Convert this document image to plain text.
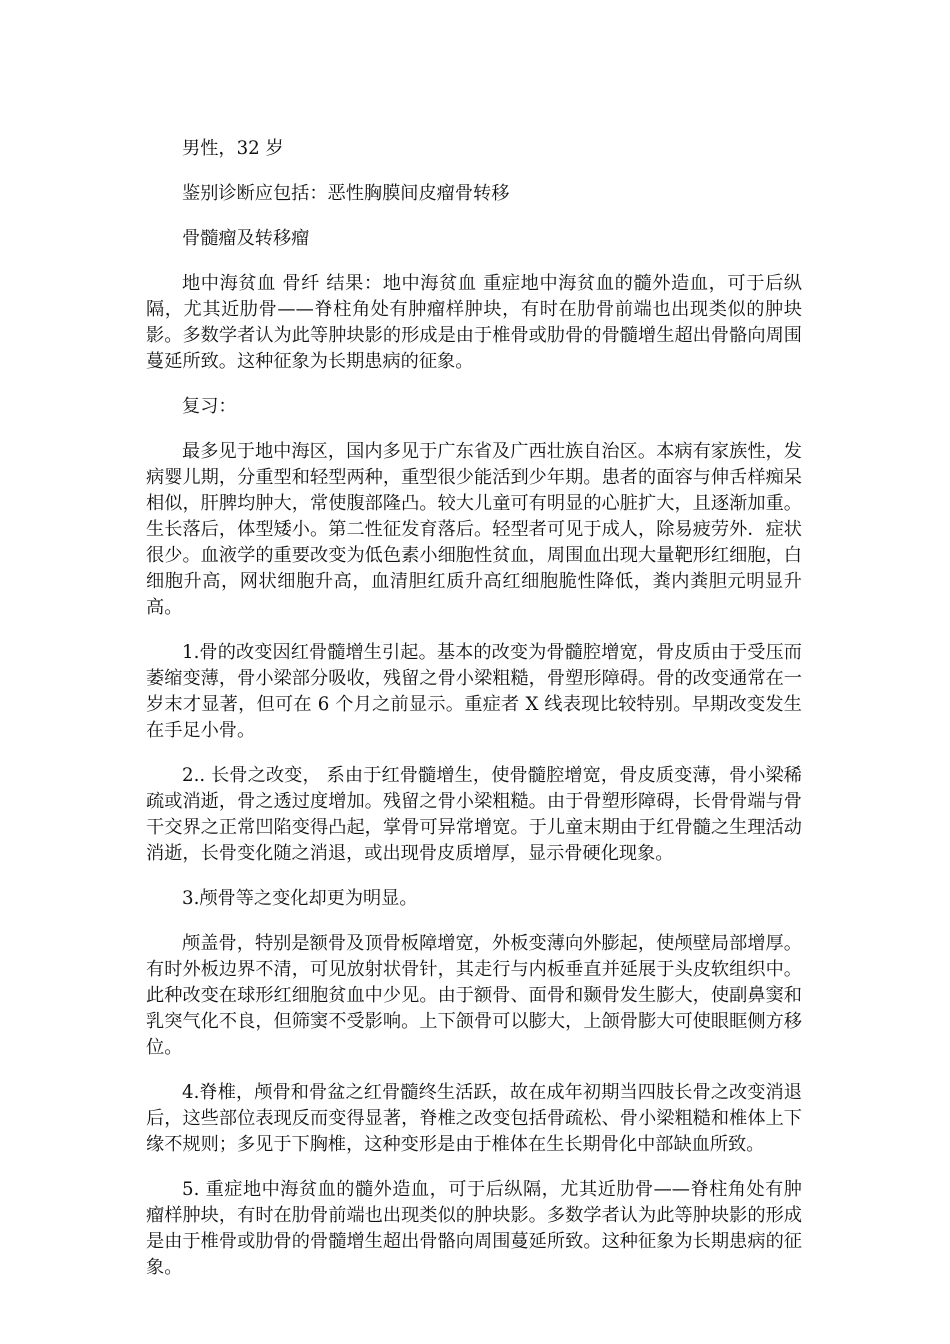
男性，32 岁

鉴别诊断应包括：恶性胸膜间皮瘤骨转移

骨髓瘤及转移瘤

地中海贫血 骨纤 结果：地中海贫血 重症地中海贫血的髓外造血，可于后纵隔，尤其近肋骨——脊柱角处有肿瘤样肿块，有时在肋骨前端也出现类似的肿块影。多数学者认为此等肿块影的形成是由于椎骨或肋骨的骨髓增生超出骨骼向周围蔓延所致。这种征象为长期患病的征象。

复习：

最多见于地中海区，国内多见于广东省及广西壮族自治区。本病有家族性，发病婴儿期，分重型和轻型两种，重型很少能活到少年期。患者的面容与伸舌样痴呆相似，肝脾均肿大，常使腹部隆凸。较大儿童可有明显的心脏扩大，且逐渐加重。生长落后，体型矮小。第二性征发育落后。轻型者可见于成人，除易疲劳外．症状很少。血液学的重要改变为低色素小细胞性贫血，周围血出现大量靶形红细胞，白细胞升高，网状细胞升高，血清胆红质升高红细胞脆性降低，粪内粪胆元明显升高。

1.骨的改变因红骨髓增生引起。基本的改变为骨髓腔增宽，骨皮质由于受压而萎缩变薄，骨小梁部分吸收，残留之骨小梁粗糙，骨塑形障碍。骨的改变通常在一岁末才显著，但可在 6 个月之前显示。重症者 X 线表现比较特别。早期改变发生在手足小骨。

2.. 长骨之改变， 系由于红骨髓增生，使骨髓腔增宽，骨皮质变薄，骨小梁稀疏或消逝，骨之透过度增加。残留之骨小梁粗糙。由于骨塑形障碍，长骨骨端与骨干交界之正常凹陷变得凸起，掌骨可异常增宽。于儿童末期由于红骨髓之生理活动消逝，长骨变化随之消退，或出现骨皮质增厚，显示骨硬化现象。

3.颅骨等之变化却更为明显。

颅盖骨，特别是额骨及顶骨板障增宽，外板变薄向外膨起，使颅壁局部增厚。有时外板边界不清，可见放射状骨针，其走行与内板垂直并延展于头皮软组织中。此种改变在球形红细胞贫血中少见。由于额骨、面骨和颞骨发生膨大，使副鼻窦和乳突气化不良，但筛窦不受影响。上下颌骨可以膨大，上颌骨膨大可使眼眶侧方移位。

4.脊椎，颅骨和骨盆之红骨髓终生活跃，故在成年初期当四肢长骨之改变消退后，这些部位表现反而变得显著，脊椎之改变包括骨疏松、骨小梁粗糙和椎体上下缘不规则；多见于下胸椎，这种变形是由于椎体在生长期骨化中部缺血所致。

5. 重症地中海贫血的髓外造血，可于后纵隔，尤其近肋骨——脊柱角处有肿瘤样肿块，有时在肋骨前端也出现类似的肿块影。多数学者认为此等肿块影的形成是由于椎骨或肋骨的骨髓增生超出骨骼向周围蔓延所致。这种征象为长期患病的征象。
